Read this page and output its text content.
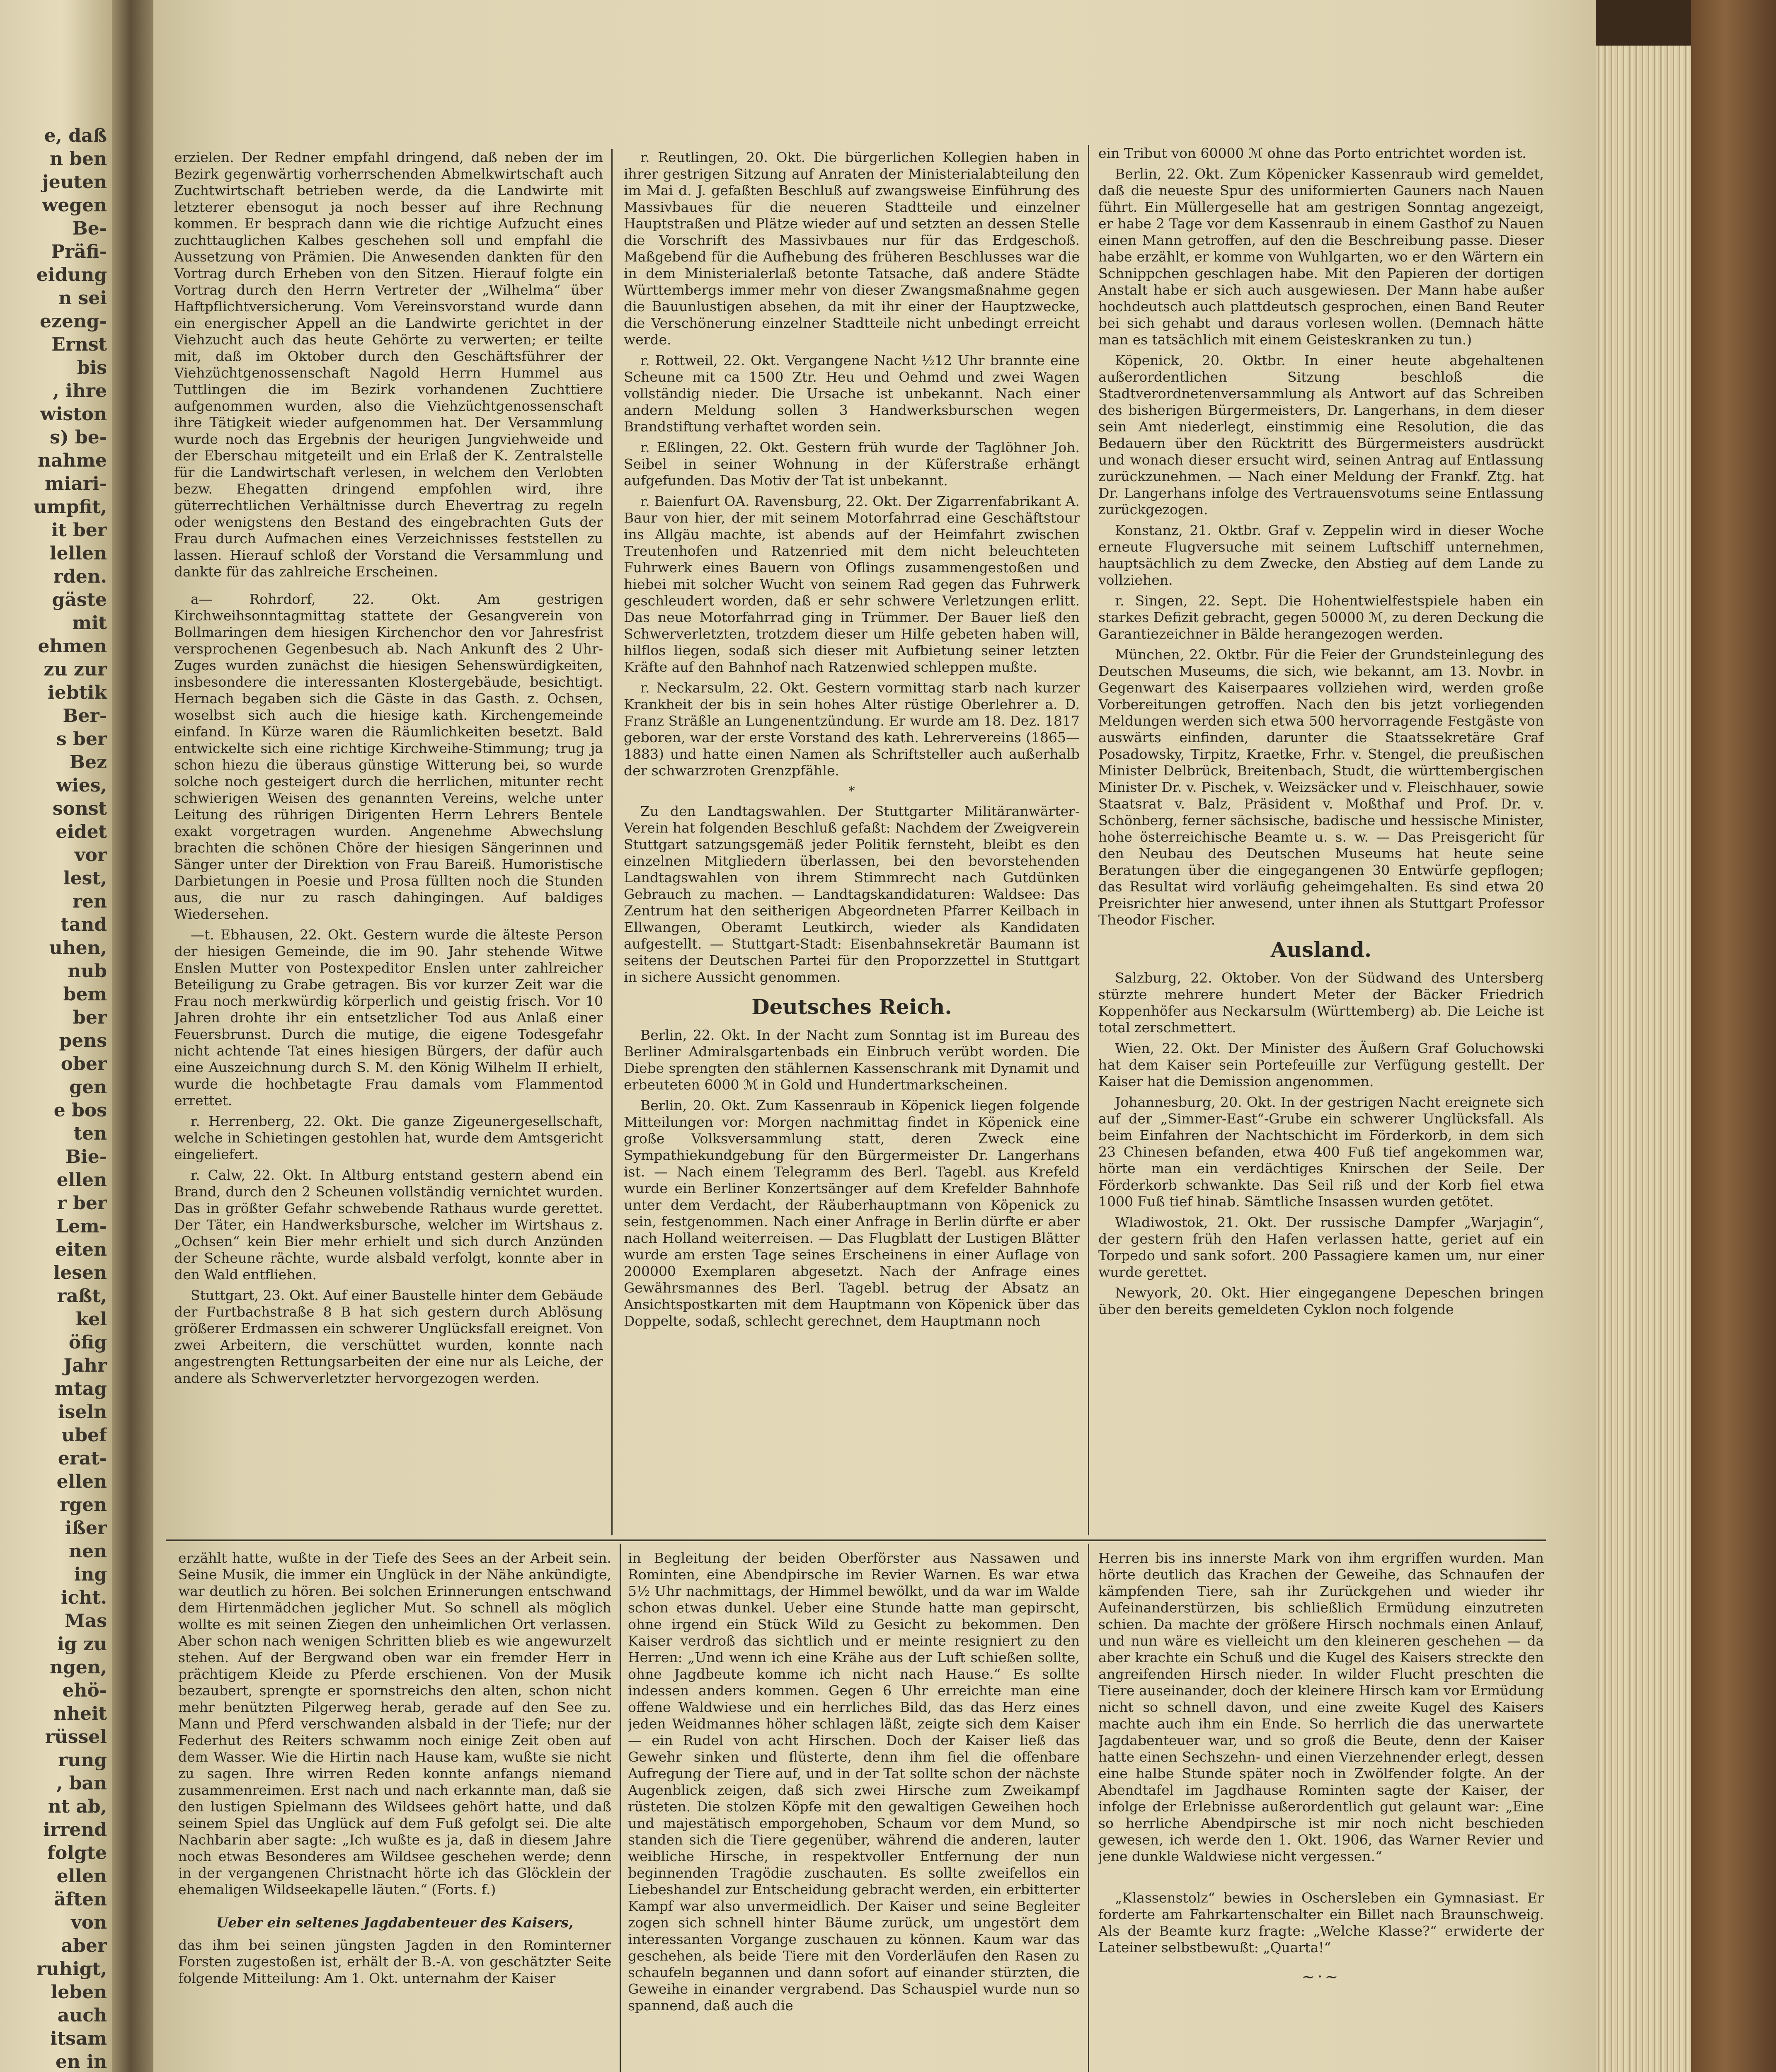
e, daß
n ben
jeuten
wegen
Be-
Präfi-
eidung
n sei
ezeng-
Ernst
bis
, ihre
wiston
s) be-
nahme
miari-
umpfit,
it ber
lellen
rden.
gäste
mit
ehmen
zu zur
iebtik
Ber-
s ber
Bez
wies,
sonst
eidet
vor
lest,
ren
tand
uhen,
nub
bem
ber
pens
ober
gen
e bos
ten
Bie-
ellen
r ber
Lem-
eiten
lesen
raßt,
kel
öfig
Jahr
mtag
iseln
ubef
erat-
ellen
rgen
ißer
nen
ing
icht.
Mas
ig zu
ngen,
ehö-
nheit
rüssel
rung
, ban
nt ab,
irrend
folgte
ellen
äften
von
aber
ruhigt,
leben
auch
itsam
en in

erzielen. Der Redner empfahl dringend, daß neben der im Bezirk gegenwärtig vorherrschenden Abmelkwirtschaft auch Zuchtwirtschaft betrieben werde, da die Landwirte mit letzterer ebensogut ja noch besser auf ihre Rechnung kommen. Er besprach dann wie die richtige Aufzucht eines zuchttauglichen Kalbes geschehen soll und empfahl die Aussetzung von Prämien. Die Anwesenden dankten für den Vortrag durch Erheben von den Sitzen. Hierauf folgte ein Vortrag durch den Herrn Vertreter der „Wilhelma“ über Haftpflichtversicherung. Vom Vereinsvorstand wurde dann ein energischer Appell an die Landwirte gerichtet in der Viehzucht auch das heute Gehörte zu verwerten; er teilte mit, daß im Oktober durch den Geschäftsführer der Viehzüchtgenossenschaft Nagold Herrn Hummel aus Tuttlingen die im Bezirk vorhandenen Zuchttiere aufgenommen wurden, also die Viehzüchtgenossenschaft ihre Tätigkeit wieder aufgenommen hat. Der Versammlung wurde noch das Ergebnis der heurigen Jungviehweide und der Eberschau mitgeteilt und ein Erlaß der K. Zentralstelle für die Landwirtschaft verlesen, in welchem den Verlobten bezw. Ehegatten dringend empfohlen wird, ihre güterrechtlichen Verhältnisse durch Ehevertrag zu regeln oder wenigstens den Bestand des eingebrachten Guts der Frau durch Aufmachen eines Verzeichnisses feststellen zu lassen. Hierauf schloß der Vorstand die Versammlung und dankte für das zahlreiche Erscheinen.

a— Rohrdorf, 22. Okt. Am gestrigen Kirchweihsonntagmittag stattete der Gesangverein von Bollmaringen dem hiesigen Kirchenchor den vor Jahresfrist versprochenen Gegenbesuch ab. Nach Ankunft des 2 Uhr-Zuges wurden zunächst die hiesigen Sehenswürdigkeiten, insbesondere die interessanten Klostergebäude, besichtigt. Hernach begaben sich die Gäste in das Gasth. z. Ochsen, woselbst sich auch die hiesige kath. Kirchengemeinde einfand. In Kürze waren die Räumlichkeiten besetzt. Bald entwickelte sich eine richtige Kirchweihe-Stimmung; trug ja schon hiezu die überaus günstige Witterung bei, so wurde solche noch gesteigert durch die herrlichen, mitunter recht schwierigen Weisen des genannten Vereins, welche unter Leitung des rührigen Dirigenten Herrn Lehrers Bentele exakt vorgetragen wurden. Angenehme Abwechslung brachten die schönen Chöre der hiesigen Sängerinnen und Sänger unter der Direktion von Frau Bareiß. Humoristische Darbietungen in Poesie und Prosa füllten noch die Stunden aus, die nur zu rasch dahingingen. Auf baldiges Wiedersehen.

—t. Ebhausen, 22. Okt. Gestern wurde die älteste Person der hiesigen Gemeinde, die im 90. Jahr stehende Witwe Enslen Mutter von Postexpeditor Enslen unter zahlreicher Beteiligung zu Grabe getragen. Bis vor kurzer Zeit war die Frau noch merkwürdig körperlich und geistig frisch. Vor 10 Jahren drohte ihr ein entsetzlicher Tod aus Anlaß einer Feuersbrunst. Durch die mutige, die eigene Todesgefahr nicht achtende Tat eines hiesigen Bürgers, der dafür auch eine Auszeichnung durch S. M. den König Wilhelm II erhielt, wurde die hochbetagte Frau damals vom Flammentod errettet.

r. Herrenberg, 22. Okt. Die ganze Zigeunergesellschaft, welche in Schietingen gestohlen hat, wurde dem Amtsgericht eingeliefert.

r. Calw, 22. Okt. In Altburg entstand gestern abend ein Brand, durch den 2 Scheunen vollständig vernichtet wurden. Das in größter Gefahr schwebende Rathaus wurde gerettet. Der Täter, ein Handwerksbursche, welcher im Wirtshaus z. „Ochsen“ kein Bier mehr erhielt und sich durch Anzünden der Scheune rächte, wurde alsbald verfolgt, konnte aber in den Wald entfliehen.

Stuttgart, 23. Okt. Auf einer Baustelle hinter dem Gebäude der Furtbachstraße 8 B hat sich gestern durch Ablösung größerer Erdmassen ein schwerer Unglücksfall ereignet. Von zwei Arbeitern, die verschüttet wurden, konnte nach angestrengten Rettungsarbeiten der eine nur als Leiche, der andere als Schwerverletzter hervorgezogen werden.

r. Reutlingen, 20. Okt. Die bürgerlichen Kollegien haben in ihrer gestrigen Sitzung auf Anraten der Ministerialabteilung den im Mai d. J. gefaßten Beschluß auf zwangsweise Einführung des Massivbaues für die neueren Stadtteile und einzelner Hauptstraßen und Plätze wieder auf und setzten an dessen Stelle die Vorschrift des Massivbaues nur für das Erdgeschoß. Maßgebend für die Aufhebung des früheren Beschlusses war die in dem Ministerialerlaß betonte Tatsache, daß andere Städte Württembergs immer mehr von dieser Zwangsmaßnahme gegen die Bauunlustigen absehen, da mit ihr einer der Hauptzwecke, die Verschönerung einzelner Stadtteile nicht unbedingt erreicht werde.

r. Rottweil, 22. Okt. Vergangene Nacht ½12 Uhr brannte eine Scheune mit ca 1500 Ztr. Heu und Oehmd und zwei Wagen vollständig nieder. Die Ursache ist unbekannt. Nach einer andern Meldung sollen 3 Handwerksburschen wegen Brandstiftung verhaftet worden sein.

r. Eßlingen, 22. Okt. Gestern früh wurde der Taglöhner Joh. Seibel in seiner Wohnung in der Küferstraße erhängt aufgefunden. Das Motiv der Tat ist unbekannt.

r. Baienfurt OA. Ravensburg, 22. Okt. Der Zigarrenfabrikant A. Baur von hier, der mit seinem Motorfahrrad eine Geschäftstour ins Allgäu machte, ist abends auf der Heimfahrt zwischen Treutenhofen und Ratzenried mit dem nicht beleuchteten Fuhrwerk eines Bauern von Oflings zusammengestoßen und hiebei mit solcher Wucht von seinem Rad gegen das Fuhrwerk geschleudert worden, daß er sehr schwere Verletzungen erlitt. Das neue Motorfahrrad ging in Trümmer. Der Bauer ließ den Schwerverletzten, trotzdem dieser um Hilfe gebeten haben will, hilflos liegen, sodaß sich dieser mit Aufbietung seiner letzten Kräfte auf den Bahnhof nach Ratzenwied schleppen mußte.

r. Neckarsulm, 22. Okt. Gestern vormittag starb nach kurzer Krankheit der bis in sein hohes Alter rüstige Oberlehrer a. D. Franz Sträßle an Lungenentzündung. Er wurde am 18. Dez. 1817 geboren, war der erste Vorstand des kath. Lehrervereins (1865—1883) und hatte einen Namen als Schriftsteller auch außerhalb der schwarzroten Grenzpfähle.

*

Zu den Landtagswahlen. Der Stuttgarter Militäranwärter-Verein hat folgenden Beschluß gefaßt: Nachdem der Zweigverein Stuttgart satzungsgemäß jeder Politik fernsteht, bleibt es den einzelnen Mitgliedern überlassen, bei den bevorstehenden Landtagswahlen von ihrem Stimmrecht nach Gutdünken Gebrauch zu machen. — Landtagskandidaturen: Waldsee: Das Zentrum hat den seitherigen Abgeordneten Pfarrer Keilbach in Ellwangen, Oberamt Leutkirch, wieder als Kandidaten aufgestellt. — Stuttgart-Stadt: Eisenbahnsekretär Baumann ist seitens der Deutschen Partei für den Proporzzettel in Stuttgart in sichere Aussicht genommen.

Deutsches Reich.

Berlin, 22. Okt. In der Nacht zum Sonntag ist im Bureau des Berliner Admiralsgartenbads ein Einbruch verübt worden. Die Diebe sprengten den stählernen Kassenschrank mit Dynamit und erbeuteten 6000 ℳ in Gold und Hundertmarkscheinen.

Berlin, 20. Okt. Zum Kassenraub in Köpenick liegen folgende Mitteilungen vor: Morgen nachmittag findet in Köpenick eine große Volksversammlung statt, deren Zweck eine Sympathiekundgebung für den Bürgermeister Dr. Langerhans ist. — Nach einem Telegramm des Berl. Tagebl. aus Krefeld wurde ein Berliner Konzertsänger auf dem Krefelder Bahnhofe unter dem Verdacht, der Räuberhauptmann von Köpenick zu sein, festgenommen. Nach einer Anfrage in Berlin dürfte er aber nach Holland weiterreisen. — Das Flugblatt der Lustigen Blätter wurde am ersten Tage seines Erscheinens in einer Auflage von 200000 Exemplaren abgesetzt. Nach der Anfrage eines Gewährsmannes des Berl. Tagebl. betrug der Absatz an Ansichtspostkarten mit dem Hauptmann von Köpenick über das Doppelte, sodaß, schlecht gerechnet, dem Hauptmann noch

ein Tribut von 60000 ℳ ohne das Porto entrichtet worden ist.

Berlin, 22. Okt. Zum Köpenicker Kassenraub wird gemeldet, daß die neueste Spur des uniformierten Gauners nach Nauen führt. Ein Müllergeselle hat am gestrigen Sonntag angezeigt, er habe 2 Tage vor dem Kassenraub in einem Gasthof zu Nauen einen Mann getroffen, auf den die Beschreibung passe. Dieser habe erzählt, er komme von Wuhlgarten, wo er den Wärtern ein Schnippchen geschlagen habe. Mit den Papieren der dortigen Anstalt habe er sich auch ausgewiesen. Der Mann habe außer hochdeutsch auch plattdeutsch gesprochen, einen Band Reuter bei sich gehabt und daraus vorlesen wollen. (Demnach hätte man es tatsächlich mit einem Geisteskranken zu tun.)

Köpenick, 20. Oktbr. In einer heute abgehaltenen außerordentlichen Sitzung beschloß die Stadtverordnetenversammlung als Antwort auf das Schreiben des bisherigen Bürgermeisters, Dr. Langerhans, in dem dieser sein Amt niederlegt, einstimmig eine Resolution, die das Bedauern über den Rücktritt des Bürgermeisters ausdrückt und wonach dieser ersucht wird, seinen Antrag auf Entlassung zurückzunehmen. — Nach einer Meldung der Frankf. Ztg. hat Dr. Langerhans infolge des Vertrauensvotums seine Entlassung zurückgezogen.

Konstanz, 21. Oktbr. Graf v. Zeppelin wird in dieser Woche erneute Flugversuche mit seinem Luftschiff unternehmen, hauptsächlich zu dem Zwecke, den Abstieg auf dem Lande zu vollziehen.

r. Singen, 22. Sept. Die Hohentwielfestspiele haben ein starkes Defizit gebracht, gegen 50000 ℳ, zu deren Deckung die Garantiezeichner in Bälde herangezogen werden.

München, 22. Oktbr. Für die Feier der Grundsteinlegung des Deutschen Museums, die sich, wie bekannt, am 13. Novbr. in Gegenwart des Kaiserpaares vollziehen wird, werden große Vorbereitungen getroffen. Nach den bis jetzt vorliegenden Meldungen werden sich etwa 500 hervorragende Festgäste von auswärts einfinden, darunter die Staatssekretäre Graf Posadowsky, Tirpitz, Kraetke, Frhr. v. Stengel, die preußischen Minister Delbrück, Breitenbach, Studt, die württembergischen Minister Dr. v. Pischek, v. Weizsäcker und v. Fleischhauer, sowie Staatsrat v. Balz, Präsident v. Moßthaf und Prof. Dr. v. Schönberg, ferner sächsische, badische und hessische Minister, hohe österreichische Beamte u. s. w. — Das Preisgericht für den Neubau des Deutschen Museums hat heute seine Beratungen über die eingegangenen 30 Entwürfe gepflogen; das Resultat wird vorläufig geheimgehalten. Es sind etwa 20 Preisrichter hier anwesend, unter ihnen als Stuttgart Professor Theodor Fischer.

Ausland.

Salzburg, 22. Oktober. Von der Südwand des Untersberg stürzte mehrere hundert Meter der Bäcker Friedrich Koppenhöfer aus Neckarsulm (Württemberg) ab. Die Leiche ist total zerschmettert.

Wien, 22. Okt. Der Minister des Äußern Graf Goluchowski hat dem Kaiser sein Portefeuille zur Verfügung gestellt. Der Kaiser hat die Demission angenommen.

Johannesburg, 20. Okt. In der gestrigen Nacht ereignete sich auf der „Simmer-East“-Grube ein schwerer Unglücksfall. Als beim Einfahren der Nachtschicht im Förderkorb, in dem sich 23 Chinesen befanden, etwa 400 Fuß tief angekommen war, hörte man ein verdächtiges Knirschen der Seile. Der Förderkorb schwankte. Das Seil riß und der Korb fiel etwa 1000 Fuß tief hinab. Sämtliche Insassen wurden getötet.

Wladiwostok, 21. Okt. Der russische Dampfer „Warjagin“, der gestern früh den Hafen verlassen hatte, geriet auf ein Torpedo und sank sofort. 200 Passagiere kamen um, nur einer wurde gerettet.

Newyork, 20. Okt. Hier eingegangene Depeschen bringen über den bereits gemeldeten Cyklon noch folgende

erzählt hatte, wußte in der Tiefe des Sees an der Arbeit sein. Seine Musik, die immer ein Unglück in der Nähe ankündigte, war deutlich zu hören. Bei solchen Erinnerungen entschwand dem Hirtenmädchen jeglicher Mut. So schnell als möglich wollte es mit seinen Ziegen den unheimlichen Ort verlassen. Aber schon nach wenigen Schritten blieb es wie angewurzelt stehen. Auf der Bergwand oben war ein fremder Herr in prächtigem Kleide zu Pferde erschienen. Von der Musik bezaubert, sprengte er spornstreichs den alten, schon nicht mehr benützten Pilgerweg herab, gerade auf den See zu. Mann und Pferd verschwanden alsbald in der Tiefe; nur der Federhut des Reiters schwamm noch einige Zeit oben auf dem Wasser. Wie die Hirtin nach Hause kam, wußte sie nicht zu sagen. Ihre wirren Reden konnte anfangs niemand zusammenreimen. Erst nach und nach erkannte man, daß sie den lustigen Spielmann des Wildsees gehört hatte, und daß seinem Spiel das Unglück auf dem Fuß gefolgt sei. Die alte Nachbarin aber sagte: „Ich wußte es ja, daß in diesem Jahre noch etwas Besonderes am Wildsee geschehen werde; denn in der vergangenen Christnacht hörte ich das Glöcklein der ehemaligen Wildseekapelle läuten.“ (Forts. f.)

Ueber ein seltenes Jagdabenteuer des Kaisers,

das ihm bei seinen jüngsten Jagden in den Rominterner Forsten zugestoßen ist, erhält der B.-A. von geschätzter Seite folgende Mitteilung: Am 1. Okt. unternahm der Kaiser

in Begleitung der beiden Oberförster aus Nassawen und Rominten, eine Abendpirsche im Revier Warnen. Es war etwa 5½ Uhr nachmittags, der Himmel bewölkt, und da war im Walde schon etwas dunkel. Ueber eine Stunde hatte man gepirscht, ohne irgend ein Stück Wild zu Gesicht zu bekommen. Den Kaiser verdroß das sichtlich und er meinte resigniert zu den Herren: „Und wenn ich eine Krähe aus der Luft schießen sollte, ohne Jagdbeute komme ich nicht nach Hause.“ Es sollte indessen anders kommen. Gegen 6 Uhr erreichte man eine offene Waldwiese und ein herrliches Bild, das das Herz eines jeden Weidmannes höher schlagen läßt, zeigte sich dem Kaiser — ein Rudel von acht Hirschen. Doch der Kaiser ließ das Gewehr sinken und flüsterte, denn ihm fiel die offenbare Aufregung der Tiere auf, und in der Tat sollte schon der nächste Augenblick zeigen, daß sich zwei Hirsche zum Zweikampf rüsteten. Die stolzen Köpfe mit den gewaltigen Geweihen hoch und majestätisch emporgehoben, Schaum vor dem Mund, so standen sich die Tiere gegenüber, während die anderen, lauter weibliche Hirsche, in respektvoller Entfernung der nun beginnenden Tragödie zuschauten. Es sollte zweifellos ein Liebeshandel zur Entscheidung gebracht werden, ein erbitterter Kampf war also unvermeidlich. Der Kaiser und seine Begleiter zogen sich schnell hinter Bäume zurück, um ungestört dem interessanten Vorgange zuschauen zu können. Kaum war das geschehen, als beide Tiere mit den Vorderläufen den Rasen zu schaufeln begannen und dann sofort auf einander stürzten, die Geweihe in einander vergrabend. Das Schauspiel wurde nun so spannend, daß auch die

Herren bis ins innerste Mark von ihm ergriffen wurden. Man hörte deutlich das Krachen der Geweihe, das Schnaufen der kämpfenden Tiere, sah ihr Zurückgehen und wieder ihr Aufeinanderstürzen, bis schließlich Ermüdung einzutreten schien. Da machte der größere Hirsch nochmals einen Anlauf, und nun wäre es vielleicht um den kleineren geschehen — da aber krachte ein Schuß und die Kugel des Kaisers streckte den angreifenden Hirsch nieder. In wilder Flucht preschten die Tiere auseinander, doch der kleinere Hirsch kam vor Ermüdung nicht so schnell davon, und eine zweite Kugel des Kaisers machte auch ihm ein Ende. So herrlich die das unerwartete Jagdabenteuer war, und so groß die Beute, denn der Kaiser hatte einen Sechszehn- und einen Vierzehnender erlegt, dessen eine halbe Stunde später noch in Zwölfender folgte. An der Abendtafel im Jagdhause Rominten sagte der Kaiser, der infolge der Erlebnisse außerordentlich gut gelaunt war: „Eine so herrliche Abendpirsche ist mir noch nicht beschieden gewesen, ich werde den 1. Okt. 1906, das Warner Revier und jene dunkle Waldwiese nicht vergessen.“

„Klassenstolz“ bewies in Oschersleben ein Gymnasiast. Er forderte am Fahrkartenschalter ein Billet nach Braunschweig. Als der Beamte kurz fragte: „Welche Klasse?“ erwiderte der Lateiner selbstbewußt: „Quarta!“

~·~
